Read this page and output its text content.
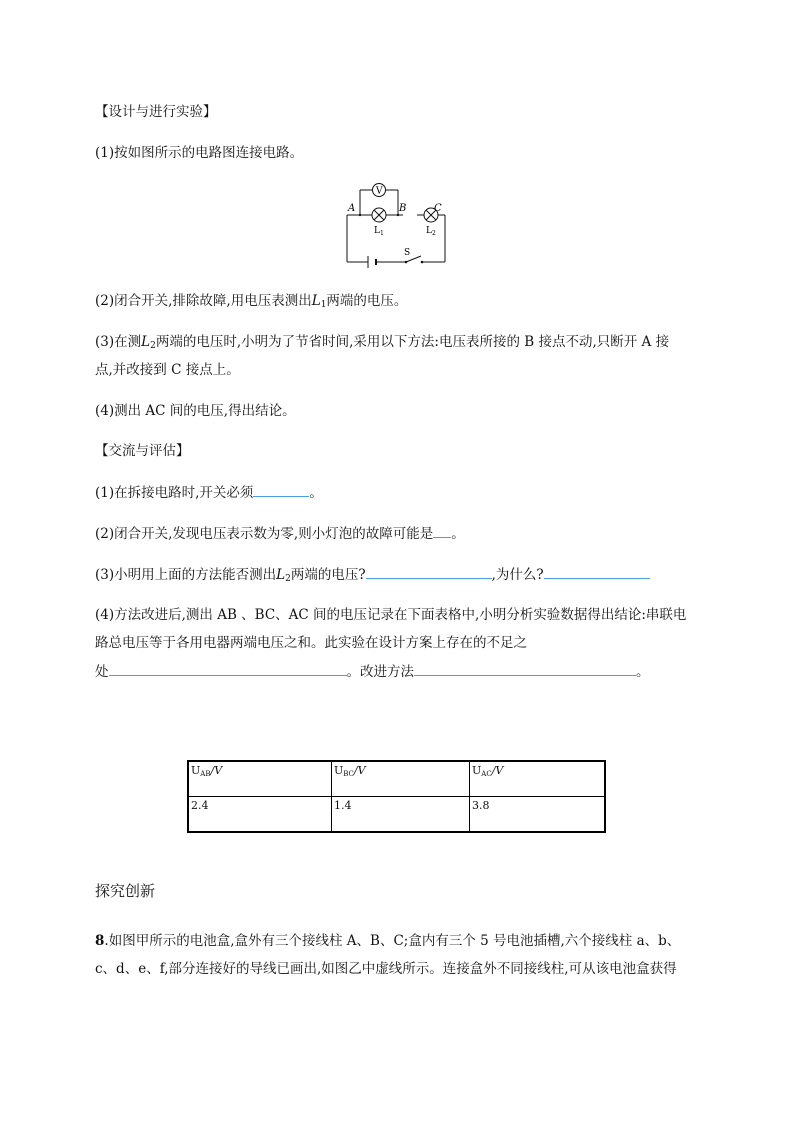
【设计与进行实验】
(1)按如图所示的电路图连接电路。
V
A	B	C
$L_1$	$L_2$
S
(2)闭合开关,排除故障,用电压表测出$L_1$两端的电压。
(3)在测$L_2$两端的电压时,小明为了节省时间,采用以下方法:电压表所接的 B 接点不动,只断开 A 接
点,并改接到 C 接点上。
(4)测出 AC 间的电压,得出结论。
【交流与评估】
(1)在拆接电路时,开关必须	。
(2)闭合开关,发现电压表示数为零,则小灯泡的故障可能是 。
(3)小明用上面的方法能否测出$L_2$两端的电压?	,为什么?
(4)方法改进后,测出 AB 、BC、AC 间的电压记录在下面表格中,小明分析实验数据得出结论:串联电
路总电压等于各用电器两端电压之和。此实验在设计方案上存在的不足之
处	。改进方法	。
$U_{AB}/V$	$U_{BC}/V$	$U_{AC}/V$
2.4	1.4	3.8
探究创新
8.如图甲所示的电池盒,盒外有三个接线柱 A、B、C;盒内有三个 5 号电池插槽,六个接线柱 a、b、
c、d、e、f,部分连接好的导线已画出,如图乙中虚线所示。连接盒外不同接线柱,可从该电池盒获得
